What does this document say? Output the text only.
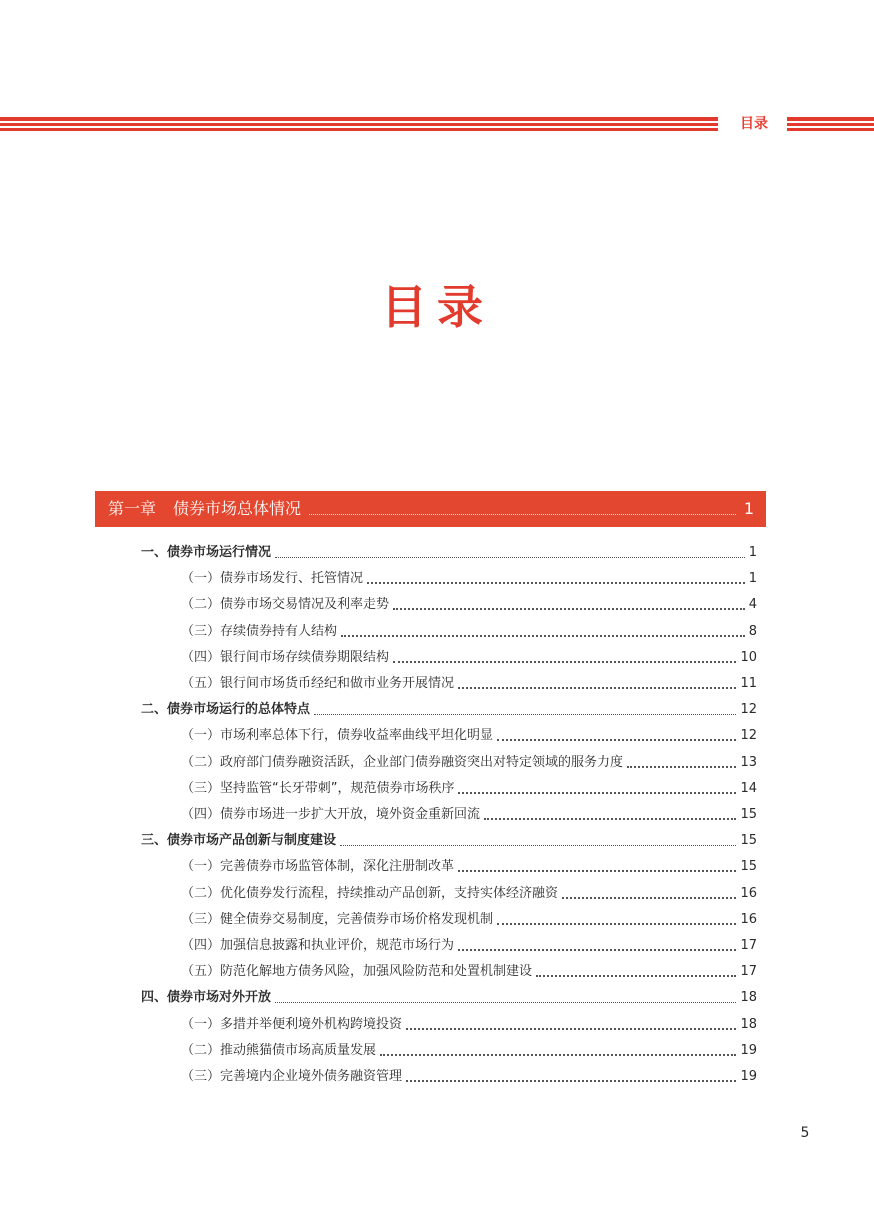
目录
目录
第一章 债券市场总体情况	1
一、债券市场运行情况	1
（一）债券市场发行、托管情况	1
（二）债券市场交易情况及利率走势	4
（三）存续债券持有人结构	8
（四）银行间市场存续债券期限结构	10
（五）银行间市场货币经纪和做市业务开展情况	11
二、债券市场运行的总体特点	12
（一）市场利率总体下行，债券收益率曲线平坦化明显	12
（二）政府部门债券融资活跃，企业部门债券融资突出对特定领域的服务力度	13
（三）坚持监管“长牙带刺”，规范债券市场秩序	14
（四）债券市场进一步扩大开放，境外资金重新回流	15
三、债券市场产品创新与制度建设	15
（一）完善债券市场监管体制，深化注册制改革	15
（二）优化债券发行流程，持续推动产品创新，支持实体经济融资	16
（三）健全债券交易制度，完善债券市场价格发现机制	16
（四）加强信息披露和执业评价，规范市场行为	17
（五）防范化解地方债务风险，加强风险防范和处置机制建设	17
四、债券市场对外开放	18
（一）多措并举便利境外机构跨境投资	18
（二）推动熊猫债市场高质量发展	19
（三）完善境内企业境外债务融资管理	19
5
